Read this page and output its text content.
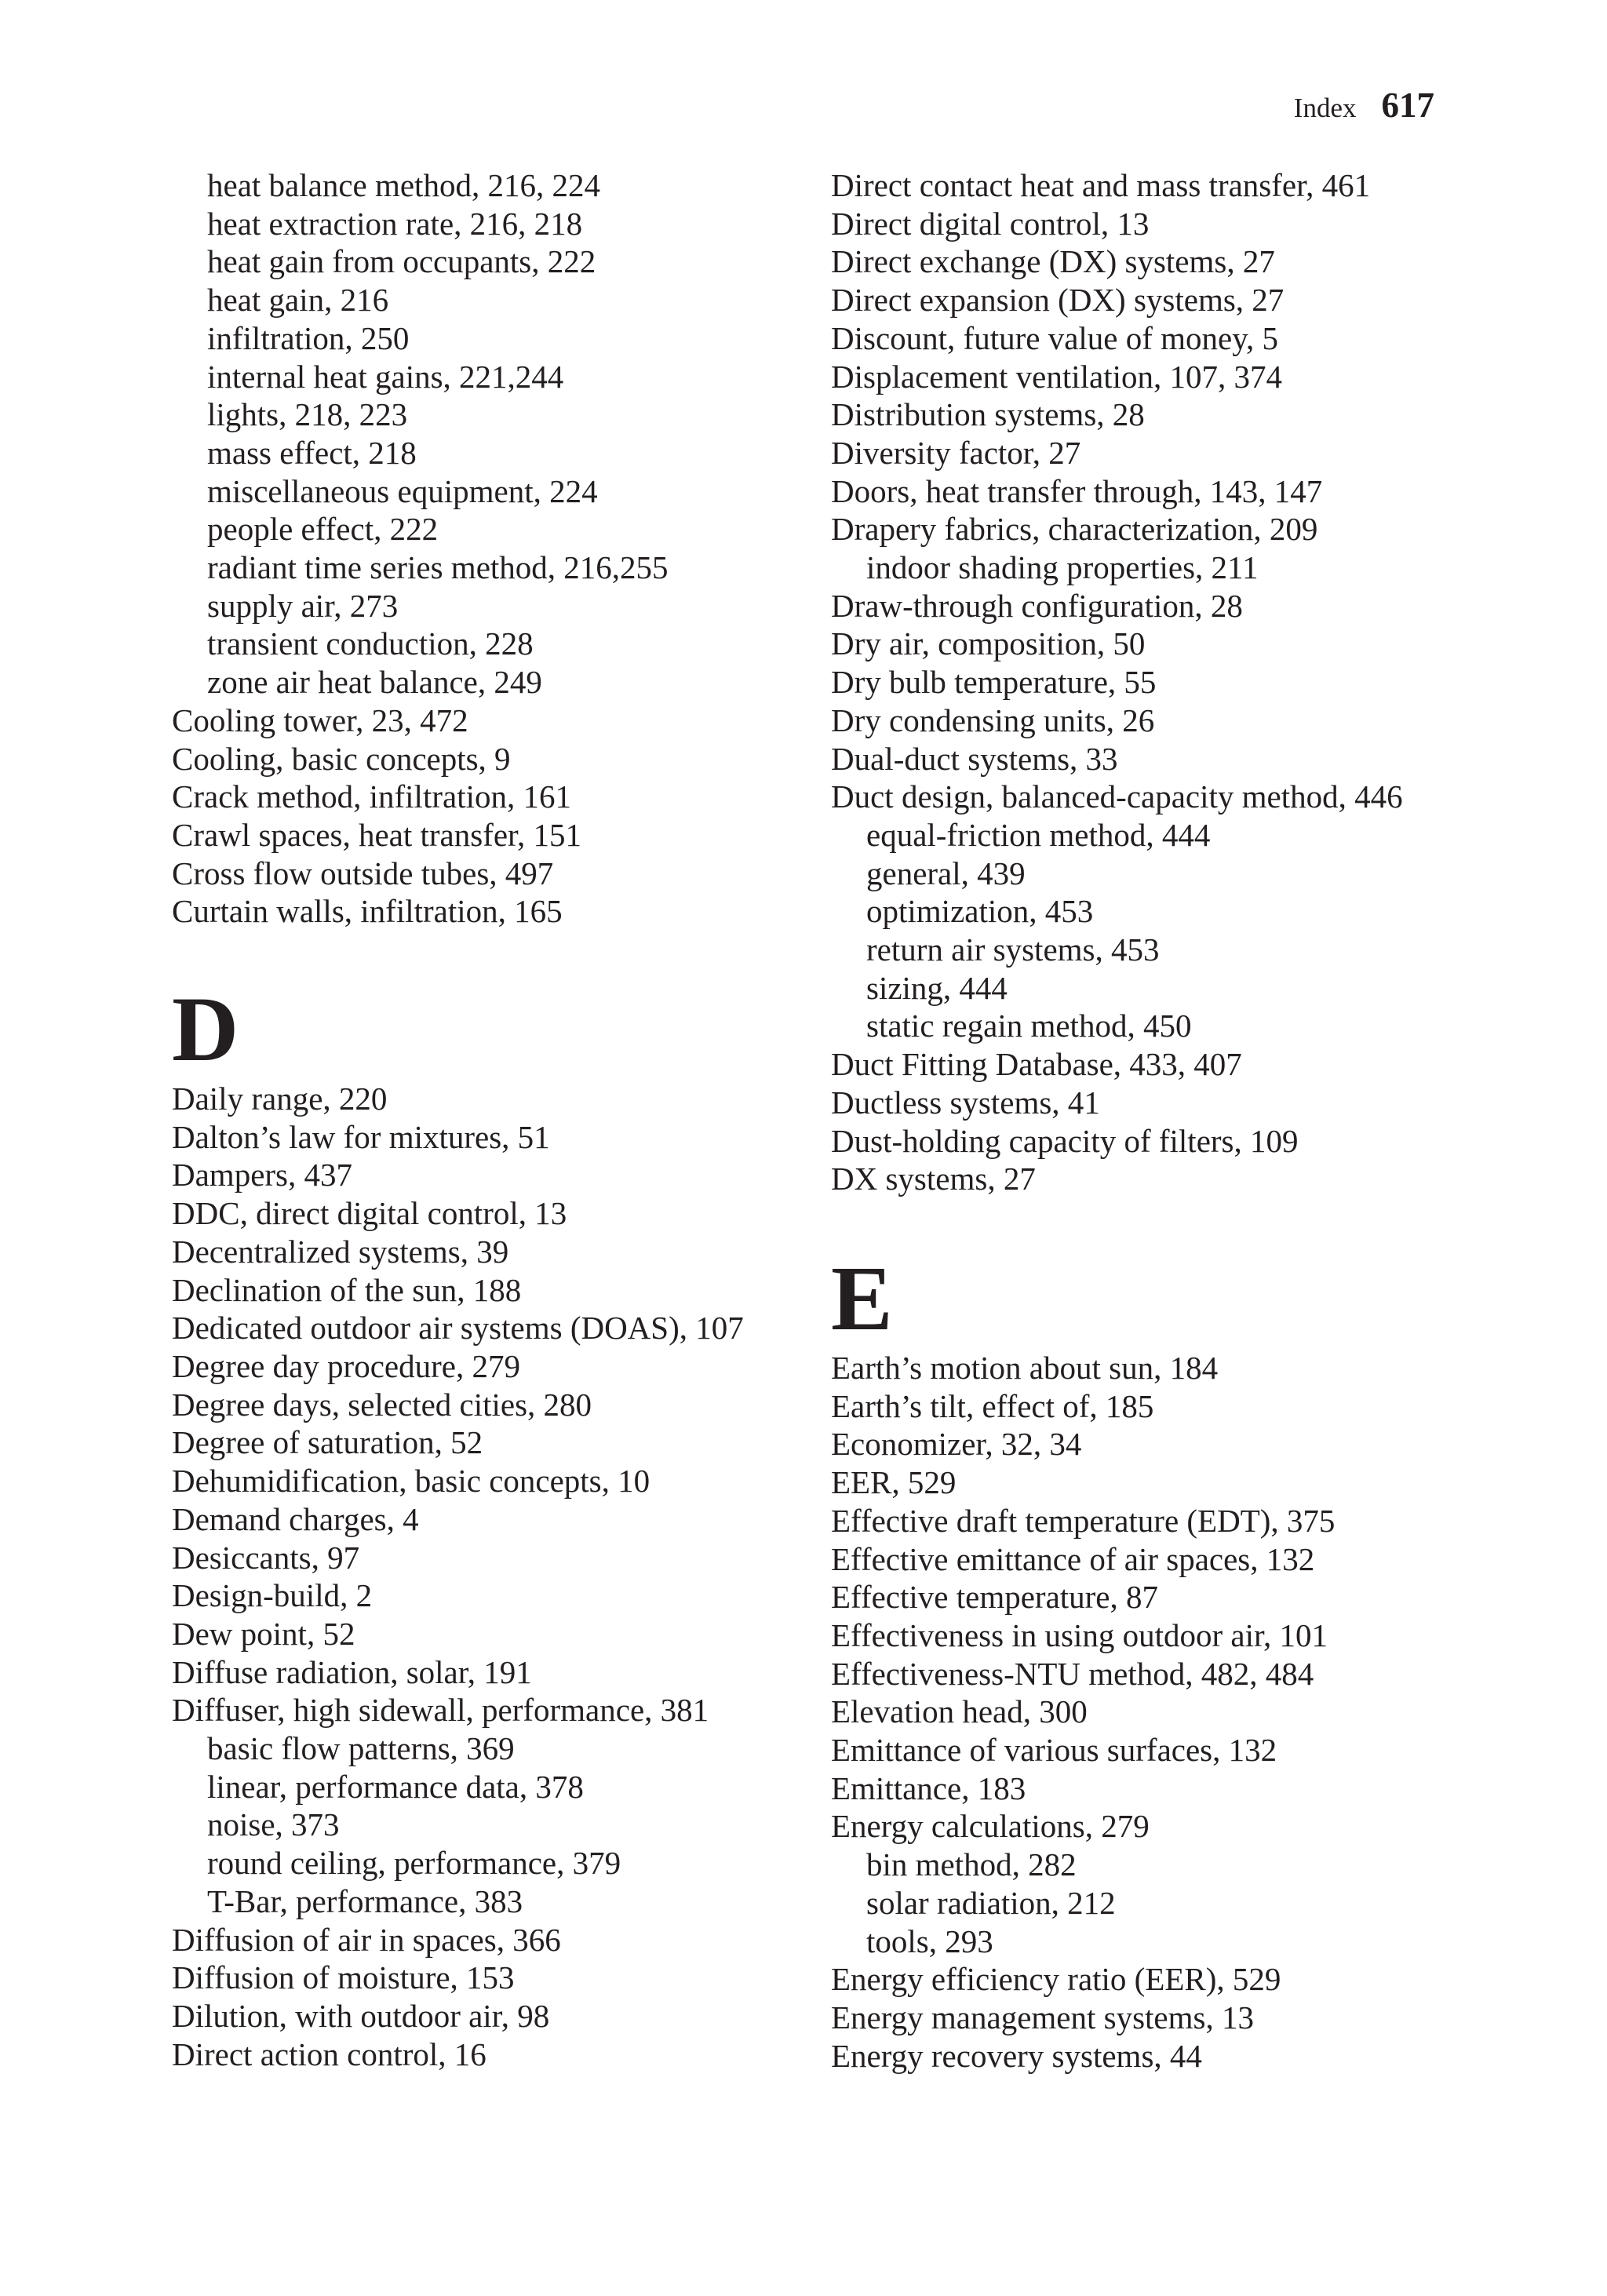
Index 617
heat balance method, 216, 224
heat extraction rate, 216, 218
heat gain from occupants, 222
heat gain, 216
infiltration, 250
internal heat gains, 221,244
lights, 218, 223
mass effect, 218
miscellaneous equipment, 224
people effect, 222
radiant time series method, 216,255
supply air, 273
transient conduction, 228
zone air heat balance, 249
Cooling tower, 23, 472
Cooling, basic concepts, 9
Crack method, infiltration, 161
Crawl spaces, heat transfer, 151
Cross flow outside tubes, 497
Curtain walls, infiltration, 165
D
Daily range, 220
Dalton’s law for mixtures, 51
Dampers, 437
DDC, direct digital control, 13
Decentralized systems, 39
Declination of the sun, 188
Dedicated outdoor air systems (DOAS), 107
Degree day procedure, 279
Degree days, selected cities, 280
Degree of saturation, 52
Dehumidification, basic concepts, 10
Demand charges, 4
Desiccants, 97
Design-build, 2
Dew point, 52
Diffuse radiation, solar, 191
Diffuser, high sidewall, performance, 381
basic flow patterns, 369
linear, performance data, 378
noise, 373
round ceiling, performance, 379
T-Bar, performance, 383
Diffusion of air in spaces, 366
Diffusion of moisture, 153
Dilution, with outdoor air, 98
Direct action control, 16
Direct contact heat and mass transfer, 461
Direct digital control, 13
Direct exchange (DX) systems, 27
Direct expansion (DX) systems, 27
Discount, future value of money, 5
Displacement ventilation, 107, 374
Distribution systems, 28
Diversity factor, 27
Doors, heat transfer through, 143, 147
Drapery fabrics, characterization, 209
indoor shading properties, 211
Draw-through configuration, 28
Dry air, composition, 50
Dry bulb temperature, 55
Dry condensing units, 26
Dual-duct systems, 33
Duct design, balanced-capacity method, 446
equal-friction method, 444
general, 439
optimization, 453
return air systems, 453
sizing, 444
static regain method, 450
Duct Fitting Database, 433, 407
Ductless systems, 41
Dust-holding capacity of filters, 109
DX systems, 27
E
Earth’s motion about sun, 184
Earth’s tilt, effect of, 185
Economizer, 32, 34
EER, 529
Effective draft temperature (EDT), 375
Effective emittance of air spaces, 132
Effective temperature, 87
Effectiveness in using outdoor air, 101
Effectiveness-NTU method, 482, 484
Elevation head, 300
Emittance of various surfaces, 132
Emittance, 183
Energy calculations, 279
bin method, 282
solar radiation, 212
tools, 293
Energy efficiency ratio (EER), 529
Energy management systems, 13
Energy recovery systems, 44
